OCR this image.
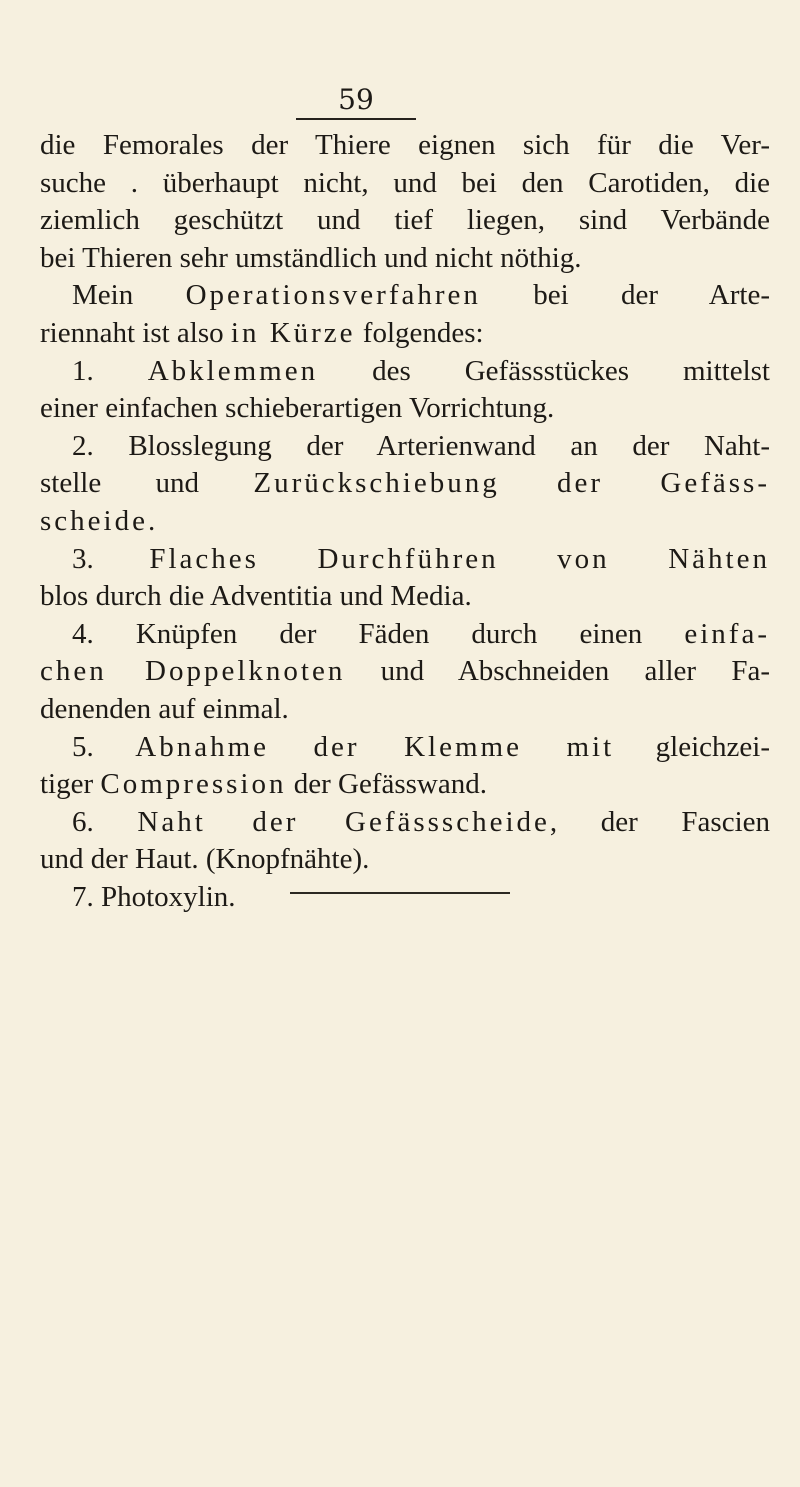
59
die Femorales der Thiere eignen sich für die Ver-
suche . überhaupt nicht, und bei den Carotiden, die
ziemlich geschützt und tief liegen, sind Verbände
bei Thieren sehr umständlich und nicht nöthig.
Mein Operationsverfahren bei der Arte-
riennaht ist also in Kürze folgendes:
1. Abklemmen des Gefässstückes mittelst
einer einfachen schieberartigen Vorrichtung.
2. Blosslegung der Arterienwand an der Naht-
stelle und Zurückschiebung der Gefäss-
scheide.
3. Flaches Durchführen von Nähten
blos durch die Adventitia und Media.
4. Knüpfen der Fäden durch einen einfa-
chen Doppelknoten und Abschneiden aller Fa-
denenden auf einmal.
5. Abnahme der Klemme mit gleichzei-
tiger Compression der Gefässwand.
6. Naht der Gefässscheide, der Fascien
und der Haut. (Knopfnähte).
7. Photoxylin.
